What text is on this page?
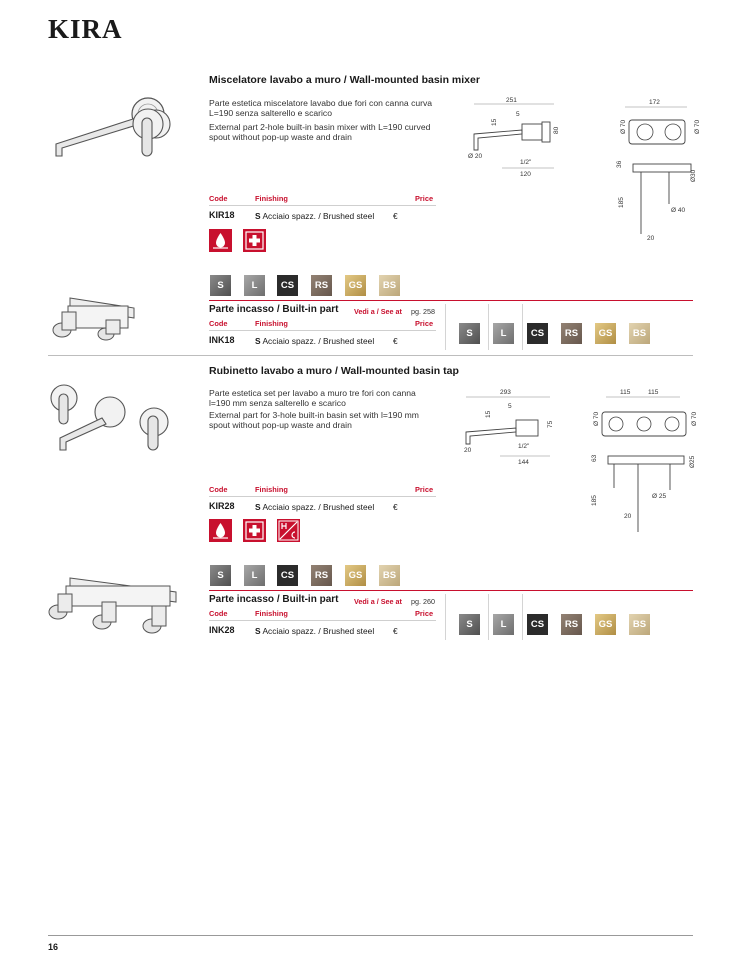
KIRA
Miscelatore lavabo a muro / Wall-mounted basin mixer
Parte estetica miscelatore lavabo due fori con canna curva L=190 senza salterello e scarico
External part 2-hole built-in basin mixer with L=190 curved spout without pop-up waste and drain
251
5
15
80
Ø 20
1/2"
120
172
Ø 70	Ø 70
36
Ø30
Ø 40
185
20
Code	Finishing	Price
KIR18 S Acciaio spazz. / Brushed steel €
S	L	CS	RS	GS	BS
Parte incasso / Built-in part Vedi a / See at pg. 258
Code	Finishing	Price
INK18 S Acciaio spazz. / Brushed steel €
S	L	CS	RS	GS	BS
Rubinetto lavabo a muro / Wall-mounted basin tap
Parte estetica set per lavabo a muro tre fori con canna l=190 mm senza salterello e scarico
External part for 3-hole built-in basin set with l=190 mm spout without pop-up waste and drain
293
15
5
75
20
1/2"
144
115	115
Ø 70	Ø 70
63	Ø25
Ø 25
185
20
Code	Finishing	Price
KIR28 S Acciaio spazz. / Brushed steel €
S	L	CS	RS	GS	BS
Parte incasso / Built-in part Vedi a / See at pg. 260
Code	Finishing	Price
INK28 S Acciaio spazz. / Brushed steel €
S	L	CS	RS	GS	BS
16
